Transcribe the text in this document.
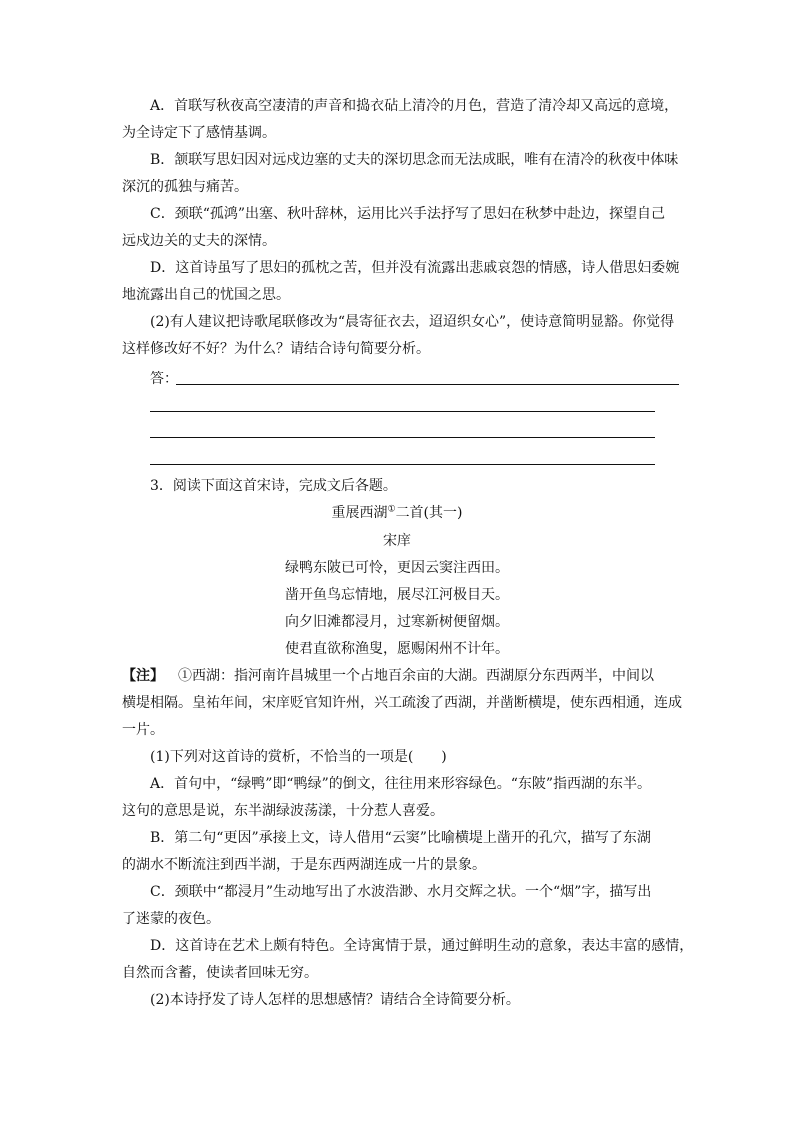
A．首联写秋夜高空凄清的声音和捣衣砧上清冷的月色，营造了清冷却又高远的意境，
为全诗定下了感情基调。
B．颔联写思妇因对远戍边塞的丈夫的深切思念而无法成眠，唯有在清冷的秋夜中体味
深沉的孤独与痛苦。
C．颈联“孤鸿”出塞、秋叶辞林，运用比兴手法抒写了思妇在秋梦中赴边，探望自己
远戍边关的丈夫的深情。
D．这首诗虽写了思妇的孤枕之苦，但并没有流露出悲戚哀怨的情感，诗人借思妇委婉
地流露出自己的忧国之思。
(2)有人建议把诗歌尾联修改为“晨寄征衣去，迢迢织女心”，使诗意简明显豁。你觉得
这样修改好不好？为什么？请结合诗句简要分析。
答：
3．阅读下面这首宋诗，完成文后各题。
重展西湖①二首(其一)
宋庠
绿鸭东陂已可怜，更因云窦注西田。
凿开鱼鸟忘情地，展尽江河极目天。
向夕旧滩都浸月，过寒新树便留烟。
使君直欲称渔叟，愿赐闲州不计年。
【注】 ①西湖：指河南许昌城里一个占地百余亩的大湖。西湖原分东西两半，中间以
横堤相隔。皇祐年间，宋庠贬官知许州，兴工疏浚了西湖，并凿断横堤，使东西相通，连成
一片。
(1)下列对这首诗的赏析，不恰当的一项是(　　)
A．首句中，“绿鸭”即“鸭绿”的倒文，往往用来形容绿色。“东陂”指西湖的东半。
这句的意思是说，东半湖绿波荡漾，十分惹人喜爱。
B．第二句“更因”承接上文，诗人借用“云窦”比喻横堤上凿开的孔穴，描写了东湖
的湖水不断流注到西半湖，于是东西两湖连成一片的景象。
C．颈联中“都浸月”生动地写出了水波浩渺、水月交辉之状。一个“烟”字，描写出
了迷蒙的夜色。
D．这首诗在艺术上颇有特色。全诗寓情于景，通过鲜明生动的意象，表达丰富的感情，
自然而含蓄，使读者回味无穷。
(2)本诗抒发了诗人怎样的思想感情？请结合全诗简要分析。
